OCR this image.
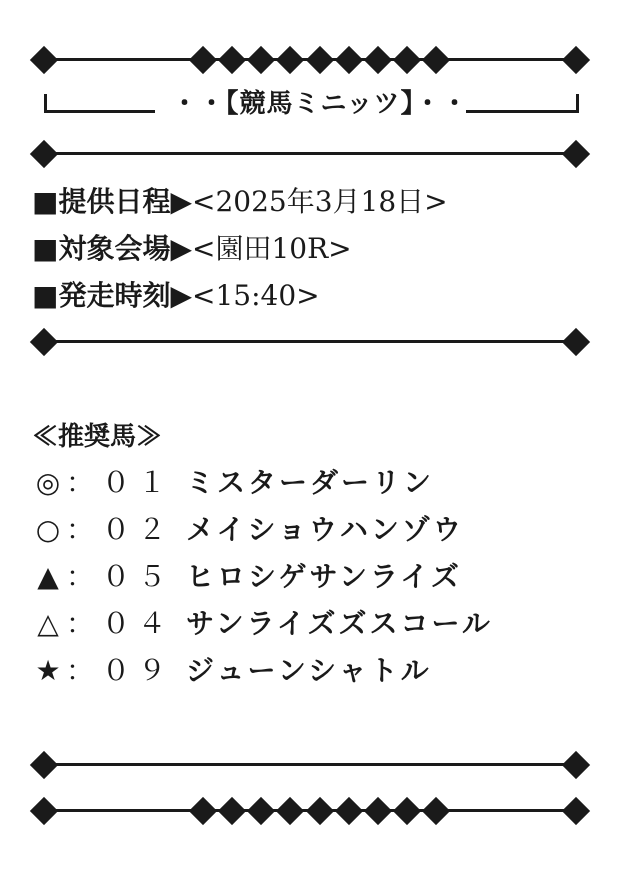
・・【競馬ミニッツ】・・
■提供日程▶<2025年3月18日>
■対象会場▶<園田10R>
■発走時刻▶<15:40>
≪推奨馬≫
◎ ：０１ ミスターダーリン
○ ：０２ メイショウハンゾウ
▲ ：０５ ヒロシゲサンライズ
△ ：０４ サンライズズスコール
★ ：０９ ジューンシャトル
